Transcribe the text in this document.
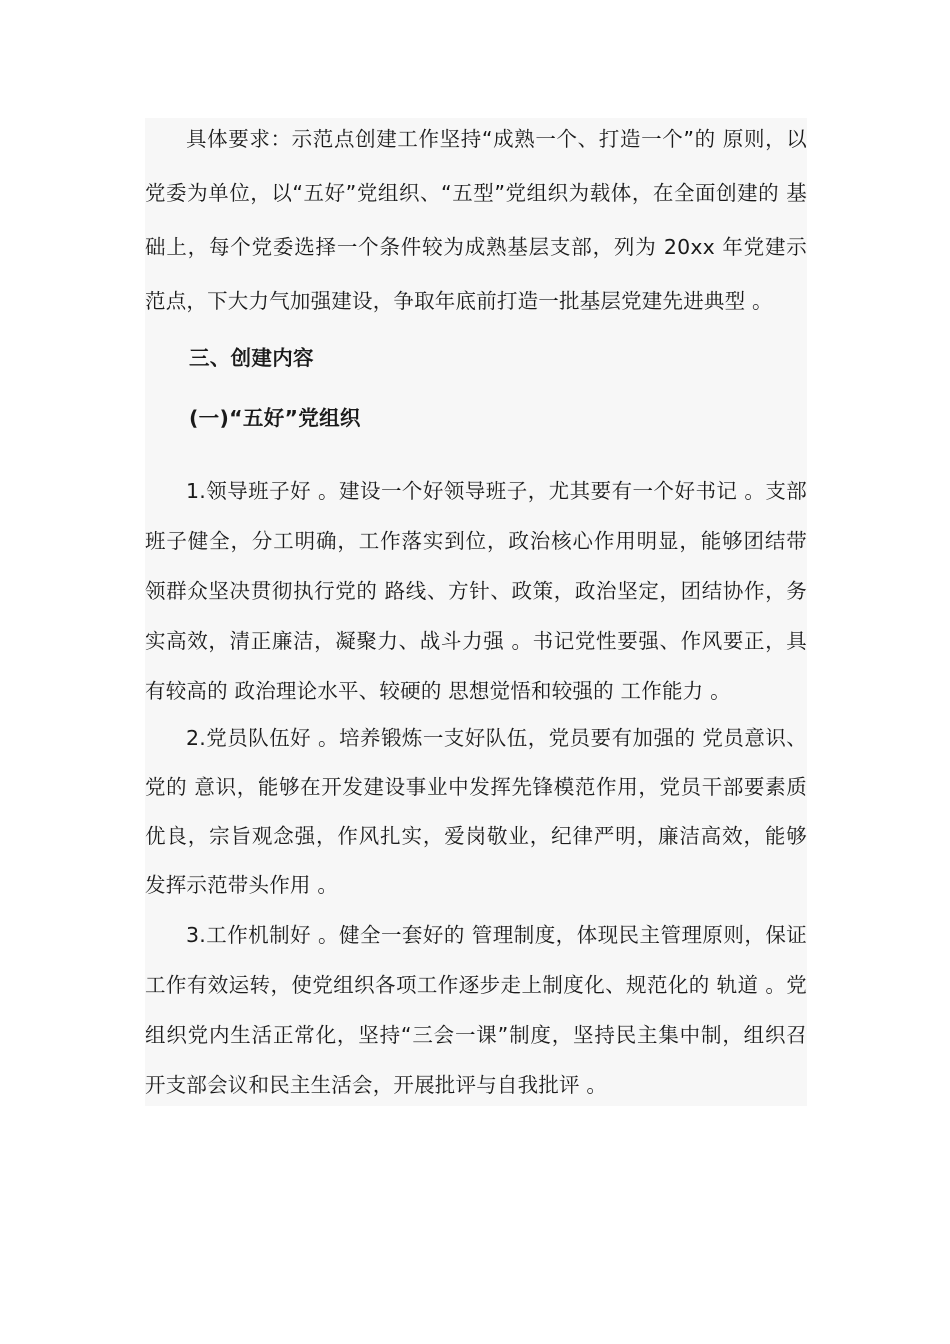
具体要求：示范点创建工作坚持“成熟一个、打造一个”的 原则，以党委为单位，以“五好”党组织、“五型”党组织为载体，在全面创建的 基础上，每个党委选择一个条件较为成熟基层支部，列为 20xx 年党建示范点，下大力气加强建设，争取年底前打造一批基层党建先进典型 。

三、创建内容

(一)“五好”党组织

1.领导班子好 。建设一个好领导班子，尤其要有一个好书记 。支部班子健全，分工明确，工作落实到位，政治核心作用明显，能够团结带领群众坚决贯彻执行党的 路线、方针、政策，政治坚定，团结协作，务实高效，清正廉洁，凝聚力、战斗力强 。书记党性要强、作风要正，具有较高的 政治理论水平、较硬的 思想觉悟和较强的 工作能力 。

2.党员队伍好 。培养锻炼一支好队伍，党员要有加强的 党员意识、党的 意识，能够在开发建设事业中发挥先锋模范作用，党员干部要素质优良，宗旨观念强，作风扎实，爱岗敬业，纪律严明，廉洁高效，能够发挥示范带头作用 。

3.工作机制好 。健全一套好的 管理制度，体现民主管理原则，保证工作有效运转，使党组织各项工作逐步走上制度化、规范化的 轨道 。党组织党内生活正常化，坚持“三会一课”制度，坚持民主集中制，组织召开支部会议和民主生活会，开展批评与自我批评 。
